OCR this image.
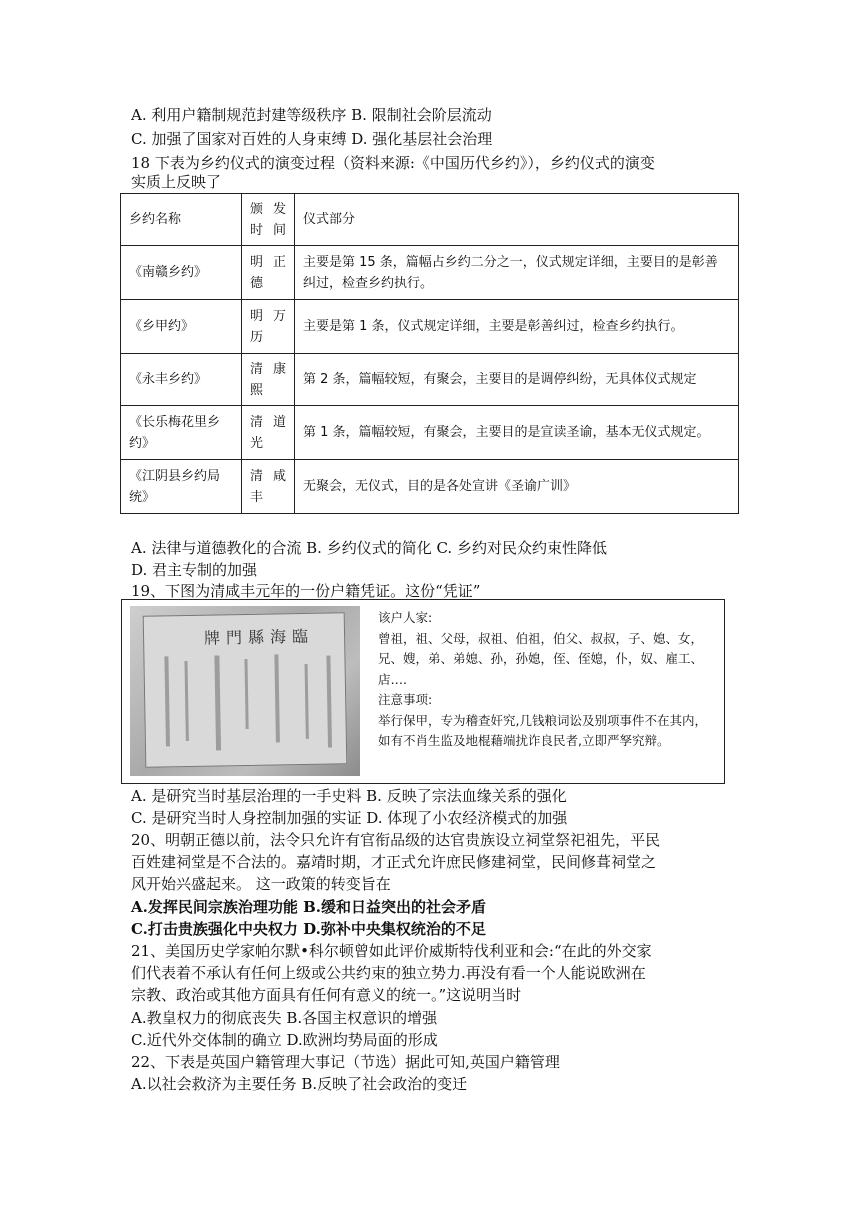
A. 利用户籍制规范封建等级秩序 B. 限制社会阶层流动
C. 加强了国家对百姓的人身束缚 D. 强化基层社会治理
18 下表为乡约仪式的演变过程（资料来源:《中国历代乡约》），乡约仪式的演变
实质上反映了
乡约名称	颁 发时间	仪式部分
《南赣乡约》	明 正德	主要是第 15 条，篇幅占乡约二分之一，仪式规定详细，主要目的是彰善纠过，检查乡约执行。
《乡甲约》	明 万历	主要是第 1 条，仪式规定详细，主要是彰善纠过，检查乡约执行。
《永丰乡约》	清 康熙	第 2 条，篇幅较短，有聚会，主要目的是调停纠纷，无具体仪式规定
《长乐梅花里乡约》	清 道光	第 1 条，篇幅较短，有聚会，主要目的是宣读圣谕，基本无仪式规定。
《江阴县乡约局统》	清 咸丰	无聚会，无仪式，目的是各处宣讲《圣谕广训》
A. 法律与道德教化的合流 B. 乡约仪式的简化 C. 乡约对民众约束性降低
D. 君主专制的加强
19、下图为清咸丰元年的一份户籍凭证。这份“凭证”
牌門縣海臨
该户人家:
曾祖，祖、父母，叔祖、伯祖，伯父、叔叔，子、媳、女，兄、嫂，弟、弟媳、孙，孙媳，侄、侄媳，仆，奴、雇工、店….
注意事项:
举行保甲，专为稽查奸究,几钱粮词讼及别项事件不在其内，如有不肖生监及地棍藉端扰诈良民者,立即严孥究辩。
A. 是研究当时基层治理的一手史料 B. 反映了宗法血缘关系的强化
C. 是研究当时人身控制加强的实证 D. 体现了小农经济模式的加强
20、明朝正德以前，法令只允许有官衔品级的达官贵族设立祠堂祭祀祖先，平民
百姓建祠堂是不合法的。嘉靖时期，才正式允许庶民修建祠堂，民间修葺祠堂之
风开始兴盛起来。 这一政策的转变旨在
A.发挥民间宗族治理功能 B.缓和日益突出的社会矛盾
C.打击贵族强化中央权力 D.弥补中央集权统治的不足
21、美国历史学家帕尔默•科尔顿曾如此评价威斯特伐利亚和会:“在此的外交家
们代表着不承认有任何上级或公共约束的独立势力.再没有看一个人能说欧洲在
宗教、政治或其他方面具有任何有意义的统一。”这说明当时
A.教皇权力的彻底丧失 B.各国主权意识的增强
C.近代外交体制的确立 D.欧洲均势局面的形成
22、下表是英国户籍管理大事记（节选）据此可知,英国户籍管理
A.以社会救济为主要任务 B.反映了社会政治的变迁
